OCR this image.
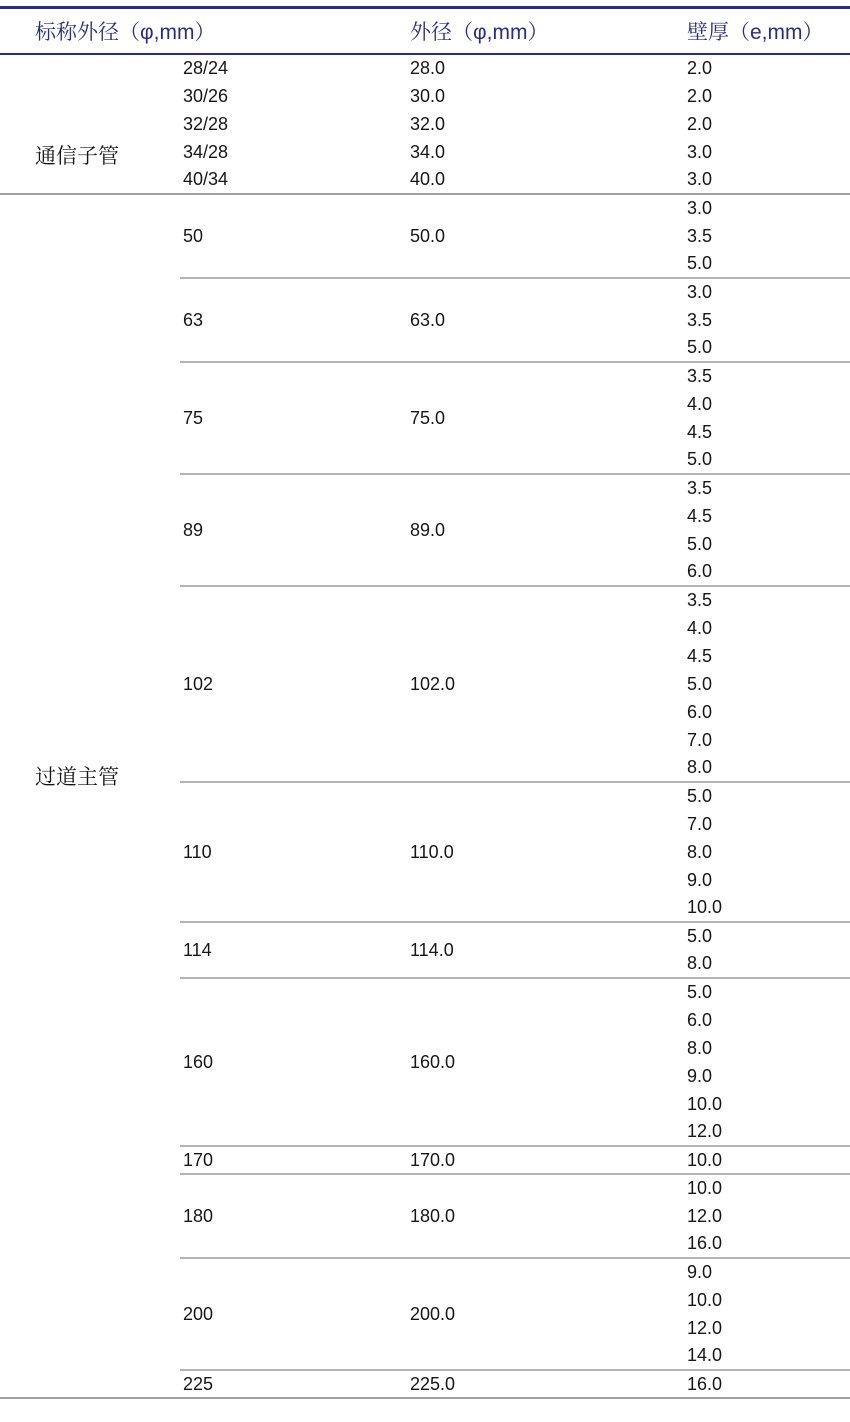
标称外径（φ,mm）		外径（φ,mm）	壁厚（e,mm）
通信子管	28/24	28.0	2.0
	30/26	30.0	2.0
	32/28	32.0	2.0
	34/28	34.0	3.0
	40/34	40.0	3.0
过道主管	50	50.0	3.0
			3.5
			5.0
	63	63.0	3.0
			3.5
			5.0
	75	75.0	3.5
			4.0
			4.5
			5.0
	89	89.0	3.5
			4.5
			5.0
			6.0
	102	102.0	3.5
			4.0
			4.5
			5.0
			6.0
			7.0
			8.0
	110	110.0	5.0
			7.0
			8.0
			9.0
			10.0
	114	114.0	5.0
			8.0
	160	160.0	5.0
			6.0
			8.0
			9.0
			10.0
			12.0
	170	170.0	10.0
	180	180.0	10.0
			12.0
			16.0
	200	200.0	9.0
			10.0
			12.0
			14.0
	225	225.0	16.0
